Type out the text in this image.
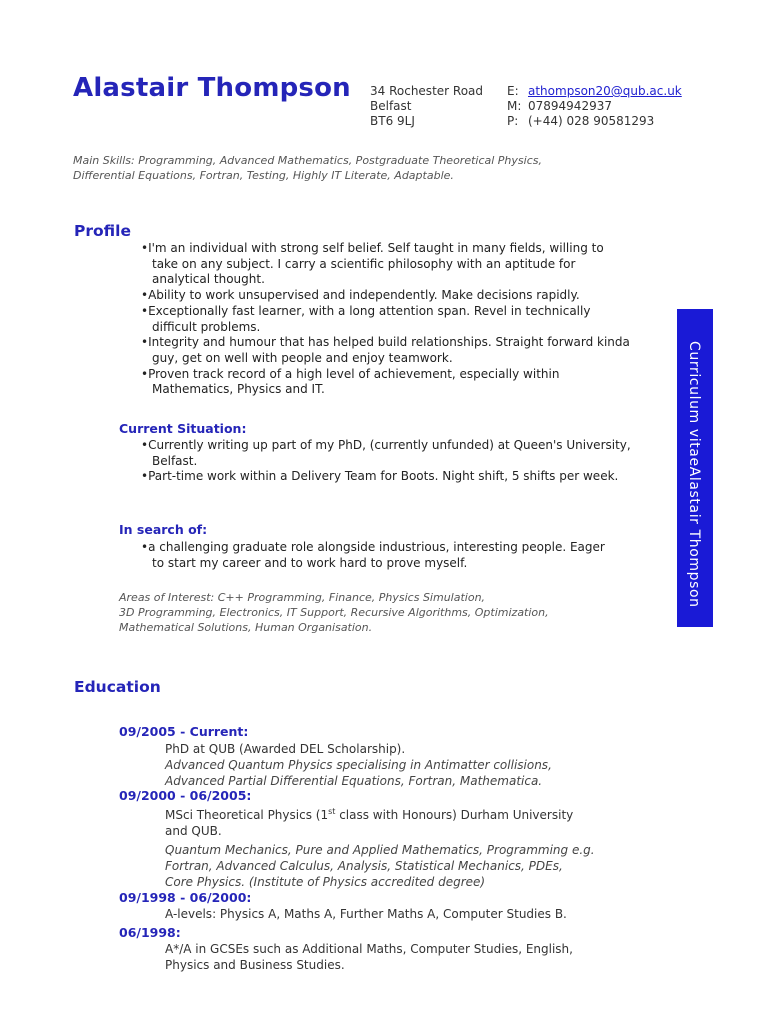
Alastair Thompson 34 Rochester Road
Belfast
BT6 9LJ
E: athompson20@qub.ac.uk
M: 07894942937
P: (+44) 028 90581293
Main Skills: Programming, Advanced Mathematics, Postgraduate Theoretical Physics,
Differential Equations, Fortran, Testing, Highly IT Literate, Adaptable.
Curriculum vitaeAlastair Thompson
Profile
•I'm an individual with strong self belief. Self taught in many fields, willing to take on any subject. I carry a scientific philosophy with an aptitude for analytical thought.
•Ability to work unsupervised and independently. Make decisions rapidly.
•Exceptionally fast learner, with a long attention span. Revel in technically difficult problems.
•Integrity and humour that has helped build relationships. Straight forward kinda guy, get on well with people and enjoy teamwork.
•Proven track record of a high level of achievement, especially within Mathematics, Physics and IT.
Current Situation:
•Currently writing up part of my PhD, (currently unfunded) at Queen's University, Belfast.
•Part-time work within a Delivery Team for Boots. Night shift, 5 shifts per week.
In search of:
•a challenging graduate role alongside industrious, interesting people. Eager to start my career and to work hard to prove myself.
Areas of Interest: C++ Programming, Finance, Physics Simulation,
3D Programming, Electronics, IT Support, Recursive Algorithms, Optimization,
Mathematical Solutions, Human Organisation.
Education
09/2005 - Current:
PhD at QUB (Awarded DEL Scholarship).
Advanced Quantum Physics specialising in Antimatter collisions,
Advanced Partial Differential Equations, Fortran, Mathematica.
09/2000 - 06/2005:
MSci Theoretical Physics (1st class with Honours) Durham University
and QUB.
Quantum Mechanics, Pure and Applied Mathematics, Programming e.g.
Fortran, Advanced Calculus, Analysis, Statistical Mechanics, PDEs,
Core Physics. (Institute of Physics accredited degree)
09/1998 - 06/2000:
A-levels: Physics A, Maths A, Further Maths A, Computer Studies B.
06/1998:
A*/A in GCSEs such as Additional Maths, Computer Studies, English,
Physics and Business Studies.
